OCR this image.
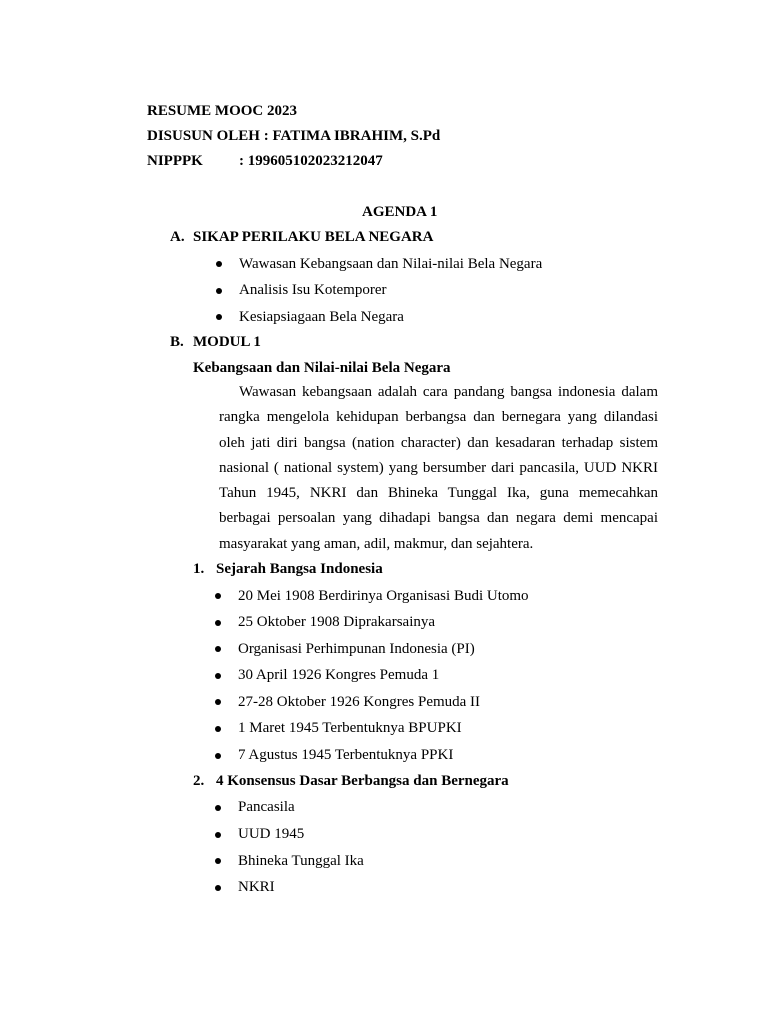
RESUME MOOC 2023
DISUSUN OLEH : FATIMA IBRAHIM, S.Pd
NIPPPK : 199605102023212047
AGENDA 1
A. SIKAP PERILAKU BELA NEGARA
Wawasan Kebangsaan dan Nilai-nilai Bela Negara
Analisis Isu Kotemporer
Kesiapsiagaan Bela Negara
B. MODUL 1
Kebangsaan dan Nilai-nilai Bela Negara
Wawasan kebangsaan adalah cara pandang bangsa indonesia dalam rangka mengelola kehidupan berbangsa dan bernegara yang dilandasi oleh jati diri bangsa (nation character) dan kesadaran terhadap sistem nasional ( national system) yang bersumber dari pancasila, UUD NKRI Tahun 1945, NKRI dan Bhineka Tunggal Ika, guna memecahkan berbagai persoalan yang dihadapi bangsa dan negara demi mencapai masyarakat yang aman, adil, makmur, dan sejahtera.
1. Sejarah Bangsa Indonesia
20 Mei 1908 Berdirinya Organisasi Budi Utomo
25 Oktober 1908 Diprakarsainya
Organisasi Perhimpunan Indonesia (PI)
30 April 1926 Kongres Pemuda 1
27-28 Oktober 1926 Kongres Pemuda II
1 Maret 1945 Terbentuknya BPUPKI
7 Agustus 1945 Terbentuknya PPKI
2. 4 Konsensus Dasar Berbangsa dan Bernegara
Pancasila
UUD 1945
Bhineka Tunggal Ika
NKRI
